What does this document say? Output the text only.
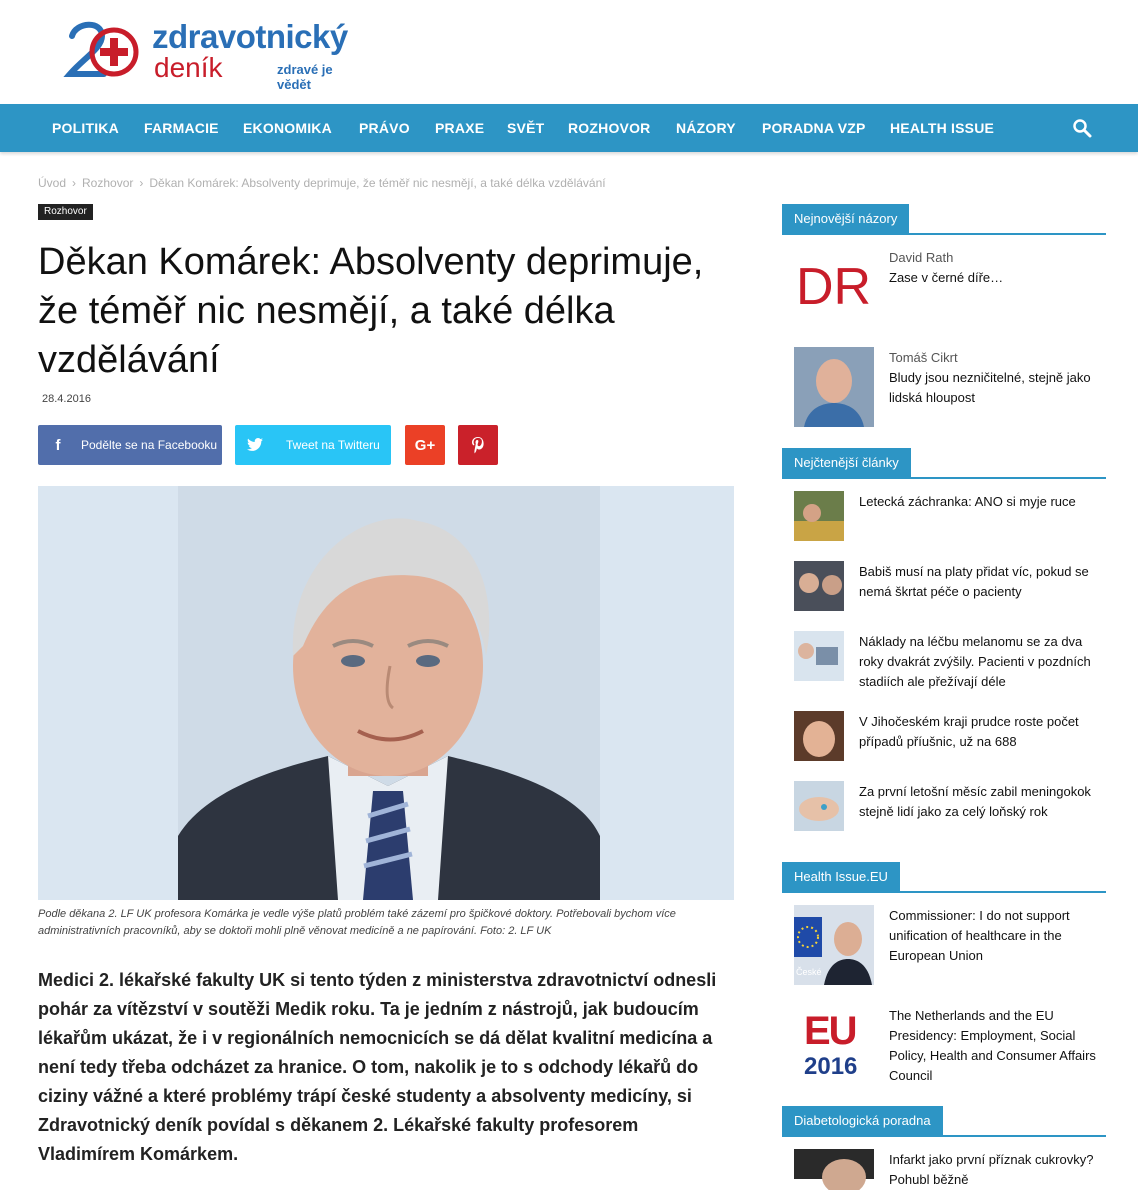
zdravotnický
deník	zdravé je vědět
POLITIKA FARMACIE EKONOMIKA PRÁVO PRAXE SVĚT ROZHOVOR NÁZORY PORADNA VZP HEALTH ISSUE
Úvod › Rozhovor › Děkan Komárek: Absolventy deprimuje, že téměř nic nesmějí, a také délka vzdělávání
Rozhovor
Děkan Komárek: Absolventy deprimuje, že téměř nic nesmějí, a také délka vzdělávání
28.4.2016
f	Podělte se na Facebooku	Tweet na Twitteru	G+
Podle děkana 2. LF UK profesora Komárka je vedle výše platů problém také zázemí pro špičkové doktory. Potřebovali bychom více administrativních pracovníků, aby se doktoři mohli plně věnovat medicíně a ne papírování. Foto: 2. LF UK
Medici 2. lékařské fakulty UK si tento týden z ministerstva zdravotnictví odnesli pohár za vítězství v soutěži Medik roku. Ta je jedním z nástrojů, jak budoucím lékařům ukázat, že i v regionálních nemocnicích se dá dělat kvalitní medicína a není tedy třeba odcházet za hranice. O tom, nakolik je to s odchody lékařů do ciziny vážné a které problémy trápí české studenty a absolventy medicíny, si Zdravotnický deník povídal s děkanem 2. Lékařské fakulty profesorem Vladimírem Komárkem.
Nejnovější názory
DR
David Rath
Zase v černé díře…
Tomáš Cikrt
Bludy jsou nezničitelné, stejně jako lidská hloupost
Nejčtenější články
Letecká záchranka: ANO si myje ruce
Babiš musí na platy přidat víc, pokud se nemá škrtat péče o pacienty
Náklady na léčbu melanomu se za dva roky dvakrát zvýšily. Pacienti v pozdních stadiích ale přežívají déle
V Jihočeském kraji prudce roste počet případů příušnic, už na 688
Za první letošní měsíc zabil meningokok stejně lidí jako za celý loňský rok
Health Issue.EU
České
Commissioner: I do not support unification of healthcare in the European Union
EU
2016
The Netherlands and the EU Presidency: Employment, Social Policy, Health and Consumer Affairs Council
Diabetologická poradna
Infarkt jako první příznak cukrovky? Pohubl běžně
